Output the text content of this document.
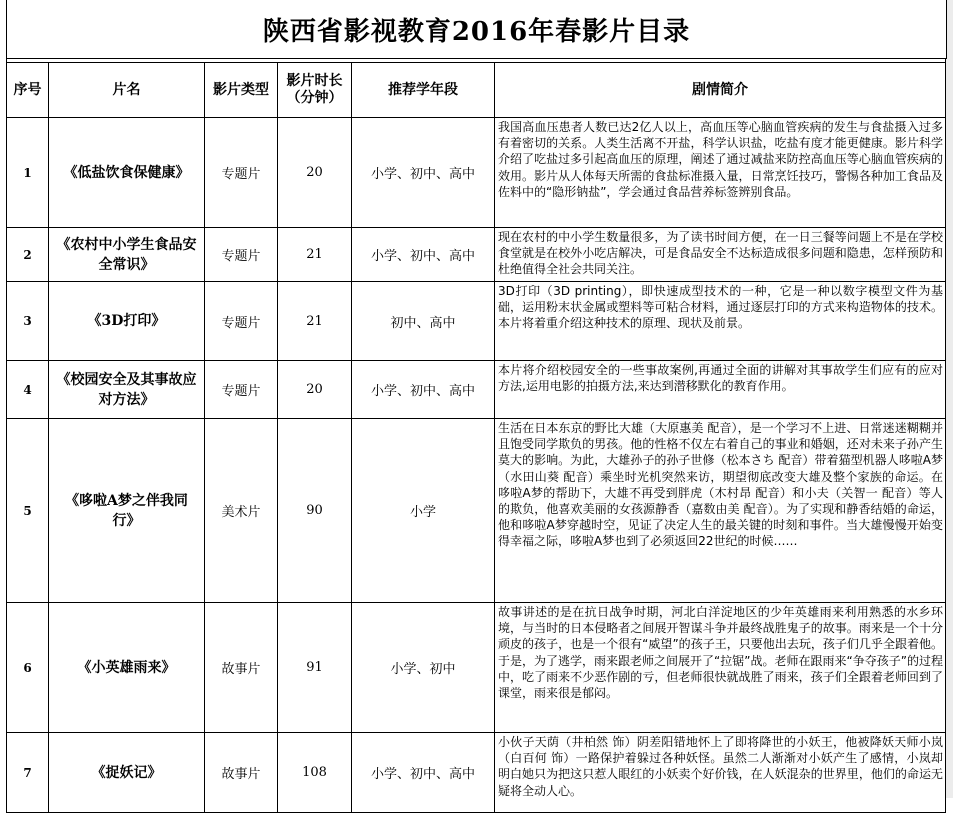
陕西省影视教育2016年春影片目录
序号	片名	影片类型	影片时长（分钟）	推荐学年段	剧情简介
1	《低盐饮食保健康》	专题片	20	小学、初中、高中	我国高血压患者人数已达2亿人以上，高血压等心脑血管疾病的发生与食盐摄入过多有着密切的关系。人类生活离不开盐，科学认识盐，吃盐有度才能更健康。影片科学介绍了吃盐过多引起高血压的原理，阐述了通过减盐来防控高血压等心脑血管疾病的效用。影片从人体每天所需的食盐标准摄入量，日常烹饪技巧，警惕各种加工食品及佐料中的“隐形钠盐”，学会通过食品营养标签辨别食品。
2	《农村中小学生食品安全常识》	专题片	21	小学、初中、高中	现在农村的中小学生数量很多，为了读书时间方便，在一日三餐等问题上不是在学校食堂就是在校外小吃店解决，可是食品安全不达标造成很多问题和隐患，怎样预防和杜绝值得全社会共同关注。
3	《3D打印》	专题片	21	初中、高中	3D打印（3D printing），即快速成型技术的一种，它是一种以数字模型文件为基础，运用粉末状金属或塑料等可粘合材料，通过逐层打印的方式来构造物体的技术。本片将着重介绍这种技术的原理、现状及前景。
4	《校园安全及其事故应对方法》	专题片	20	小学、初中、高中	本片将介绍校园安全的一些事故案例,再通过全面的讲解对其事故学生们应有的应对方法,运用电影的拍摄方法,来达到潜移默化的教育作用。
5	《哆啦A梦之伴我同行》	美术片	90	小学	生活在日本东京的野比大雄（大原惠美 配音），是一个学习不上进、日常迷迷糊糊并且饱受同学欺负的男孩。他的性格不仅左右着自己的事业和婚姻，还对未来子孙产生莫大的影响。为此，大雄孙子的孙子世修（松本さち 配音）带着猫型机器人哆啦A梦（水田山葵 配音）乘坐时光机突然来访，期望彻底改变大雄及整个家族的命运。在哆啦A梦的帮助下，大雄不再受到胖虎（木村昂 配音）和小夫（关智一 配音）等人的欺负，他喜欢美丽的女孩源静香（嘉数由美 配音）。为了实现和静香结婚的命运，他和哆啦A梦穿越时空，见证了决定人生的最关键的时刻和事件。当大雄慢慢开始变得幸福之际，哆啦A梦也到了必须返回22世纪的时候……
6	《小英雄雨来》	故事片	91	小学、初中	故事讲述的是在抗日战争时期，河北白洋淀地区的少年英雄雨来利用熟悉的水乡环境，与当时的日本侵略者之间展开智谋斗争并最终战胜鬼子的故事。雨来是一个十分顽皮的孩子，也是一个很有“威望”的孩子王，只要他出去玩，孩子们几乎全跟着他。于是，为了逃学，雨来跟老师之间展开了“拉锯”战。老师在跟雨来“争夺孩子”的过程中，吃了雨来不少恶作剧的亏，但老师很快就战胜了雨来，孩子们全跟着老师回到了课堂，雨来很是郁闷。
7	《捉妖记》	故事片	108	小学、初中、高中	小伙子天荫（井柏然 饰）阴差阳错地怀上了即将降世的小妖王，他被降妖天师小岚（白百何 饰）一路保护着躲过各种妖怪。虽然二人渐渐对小妖产生了感情，小岚却明白她只为把这只惹人眼红的小妖卖个好价钱，在人妖混杂的世界里，他们的命运无疑将全动人心。
